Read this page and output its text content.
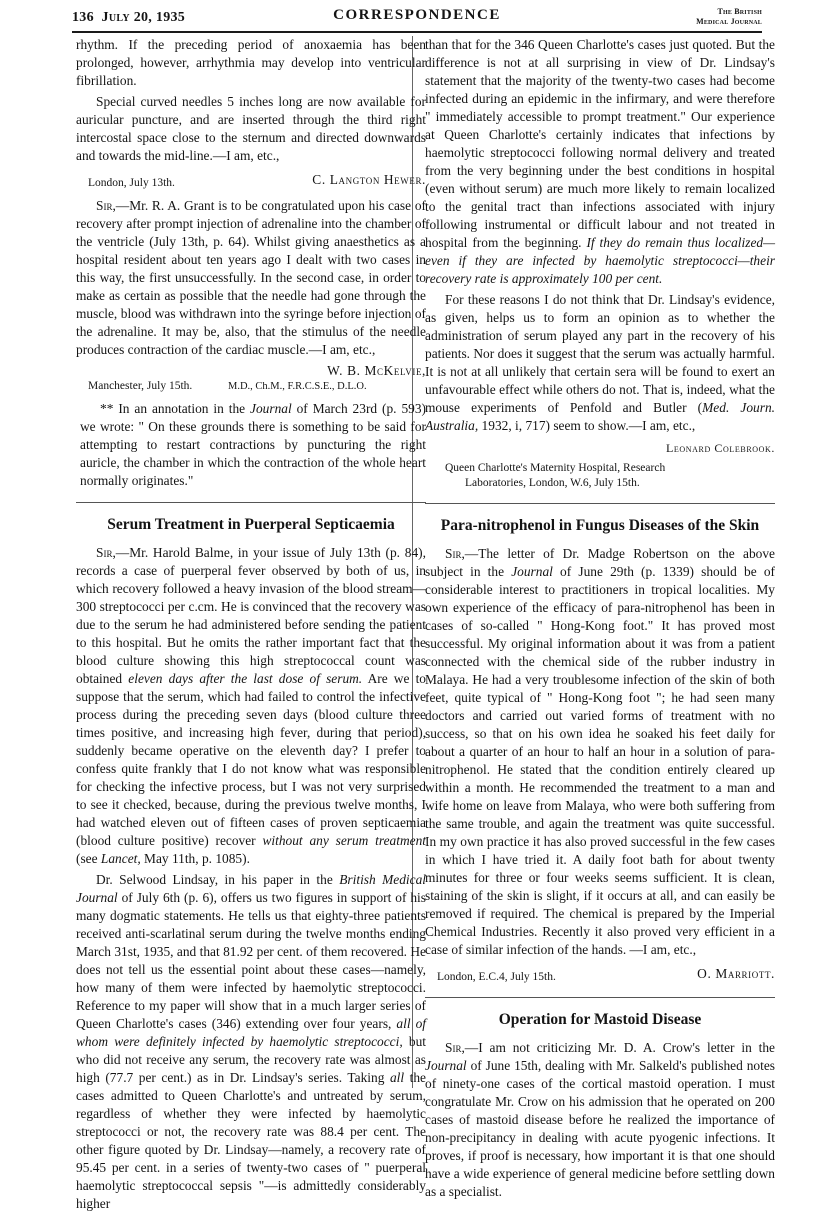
136 July 20, 1935	CORRESPONDENCE	The British
Medical Journal

rhythm. If the preceding period of anoxaemia has been prolonged, however, arrhythmia may develop into ventricular fibrillation.

Special curved needles 5 inches long are now available for auricular puncture, and are inserted through the third right intercostal space close to the sternum and directed downwards and towards the mid-line.—I am, etc.,

London, July 13th.	C. Langton Hewer.

Sir,—Mr. R. A. Grant is to be congratulated upon his case of recovery after prompt injection of adrenaline into the chamber of the ventricle (July 13th, p. 64). Whilst giving anaesthetics as a hospital resident about ten years ago I dealt with two cases in this way, the first unsuccessfully. In the second case, in order to make as certain as possible that the needle had gone through the muscle, blood was withdrawn into the syringe before injection of the adrenaline. It may be, also, that the stimulus of the needle produces contraction of the cardiac muscle.—I am, etc.,

W. B. McKelvie,
Manchester, July 15th.	M.D., Ch.M., F.R.C.S.E., D.L.O.

** In an annotation in the Journal of March 23rd (p. 593) we wrote: " On these grounds there is something to be said for attempting to restart contractions by puncturing the right auricle, the chamber in which the contraction of the whole heart normally originates."

Serum Treatment in Puerperal Septicaemia

Sir,—Mr. Harold Balme, in your issue of July 13th (p. 84), records a case of puerperal fever observed by both of us, in which recovery followed a heavy invasion of the blood stream—300 streptococci per c.cm. He is convinced that the recovery was due to the serum he had administered before sending the patient to this hospital. But he omits the rather important fact that the blood culture showing this high streptococcal count was obtained eleven days after the last dose of serum. Are we to suppose that the serum, which had failed to control the infective process during the preceding seven days (blood culture three times positive, and increasing high fever, during that period), suddenly became operative on the eleventh day? I prefer to confess quite frankly that I do not know what was responsible for checking the infective process, but I was not very surprised to see it checked, because, during the previous twelve months, I had watched eleven out of fifteen cases of proven septicaemia (blood culture positive) recover without any serum treatment (see Lancet, May 11th, p. 1085).

Dr. Selwood Lindsay, in his paper in the British Medical Journal of July 6th (p. 6), offers us two figures in support of his many dogmatic statements. He tells us that eighty-three patients received anti-scarlatinal serum during the twelve months ending March 31st, 1935, and that 81.92 per cent. of them recovered. He does not tell us the essential point about these cases—namely, how many of them were infected by haemolytic streptococci. Reference to my paper will show that in a much larger series of Queen Charlotte's cases (346) extending over four years, all of whom were definitely infected by haemolytic streptococci, but who did not receive any serum, the recovery rate was almost as high (77.7 per cent.) as in Dr. Lindsay's series. Taking all the cases admitted to Queen Charlotte's and untreated by serum, regardless of whether they were infected by haemolytic streptococci or not, the recovery rate was 88.4 per cent. The other figure quoted by Dr. Lindsay—namely, a recovery rate of 95.45 per cent. in a series of twenty-two cases of " puerperal haemolytic streptococcal sepsis "—is admittedly considerably higher

than that for the 346 Queen Charlotte's cases just quoted. But the difference is not at all surprising in view of Dr. Lindsay's statement that the majority of the twenty-two cases had become infected during an epidemic in the infirmary, and were therefore " immediately accessible to prompt treatment." Our experience at Queen Charlotte's certainly indicates that infections by haemolytic streptococci following normal delivery and treated from the very beginning under the best conditions in hospital (even without serum) are much more likely to remain localized to the genital tract than infections associated with injury following instrumental or difficult labour and not treated in hospital from the beginning. If they do remain thus localized—even if they are infected by haemolytic streptococci—their recovery rate is approximately 100 per cent.

For these reasons I do not think that Dr. Lindsay's evidence, as given, helps us to form an opinion as to whether the administration of serum played any part in the recovery of his patients. Nor does it suggest that the serum was actually harmful. It is not at all unlikely that certain sera will be found to exert an unfavourable effect while others do not. That is, indeed, what the mouse experiments of Penfold and Butler (Med. Journ. Australia, 1932, i, 717) seem to show.—I am, etc.,

Leonard Colebrook.
Queen Charlotte's Maternity Hospital, Research
Laboratories, London, W.6, July 15th.
Para-nitrophenol in Fungus Diseases of the Skin

Sir,—The letter of Dr. Madge Robertson on the above subject in the Journal of June 29th (p. 1339) should be of considerable interest to practitioners in tropical localities. My own experience of the efficacy of para-nitrophenol has been in cases of so-called " Hong-Kong foot." It has proved most successful. My original information about it was from a patient connected with the chemical side of the rubber industry in Malaya. He had a very troublesome infection of the skin of both feet, quite typical of " Hong-Kong foot "; he had seen many doctors and carried out varied forms of treatment with no success, so that on his own idea he soaked his feet daily for about a quarter of an hour to half an hour in a solution of para-nitrophenol. He stated that the condition entirely cleared up within a month. He recommended the treatment to a man and wife home on leave from Malaya, who were both suffering from the same trouble, and again the treatment was quite successful. In my own practice it has also proved successful in the few cases in which I have tried it. A daily foot bath for about twenty minutes for three or four weeks seems sufficient. It is clean, staining of the skin is slight, if it occurs at all, and can easily be removed if required. The chemical is prepared by the Imperial Chemical Industries. Recently it also proved very efficient in a case of similar infection of the hands. —I am, etc.,

London, E.C.4, July 15th.	O. Marriott.
Operation for Mastoid Disease

Sir,—I am not criticizing Mr. D. A. Crow's letter in the Journal of June 15th, dealing with Mr. Salkeld's published notes of ninety-one cases of the cortical mastoid operation. I must congratulate Mr. Crow on his admission that he operated on 200 cases of mastoid disease before he realized the importance of non-precipitancy in dealing with acute pyogenic infections. It proves, if proof is necessary, how important it is that one should have a wide experience of general medicine before settling down as a specialist.
